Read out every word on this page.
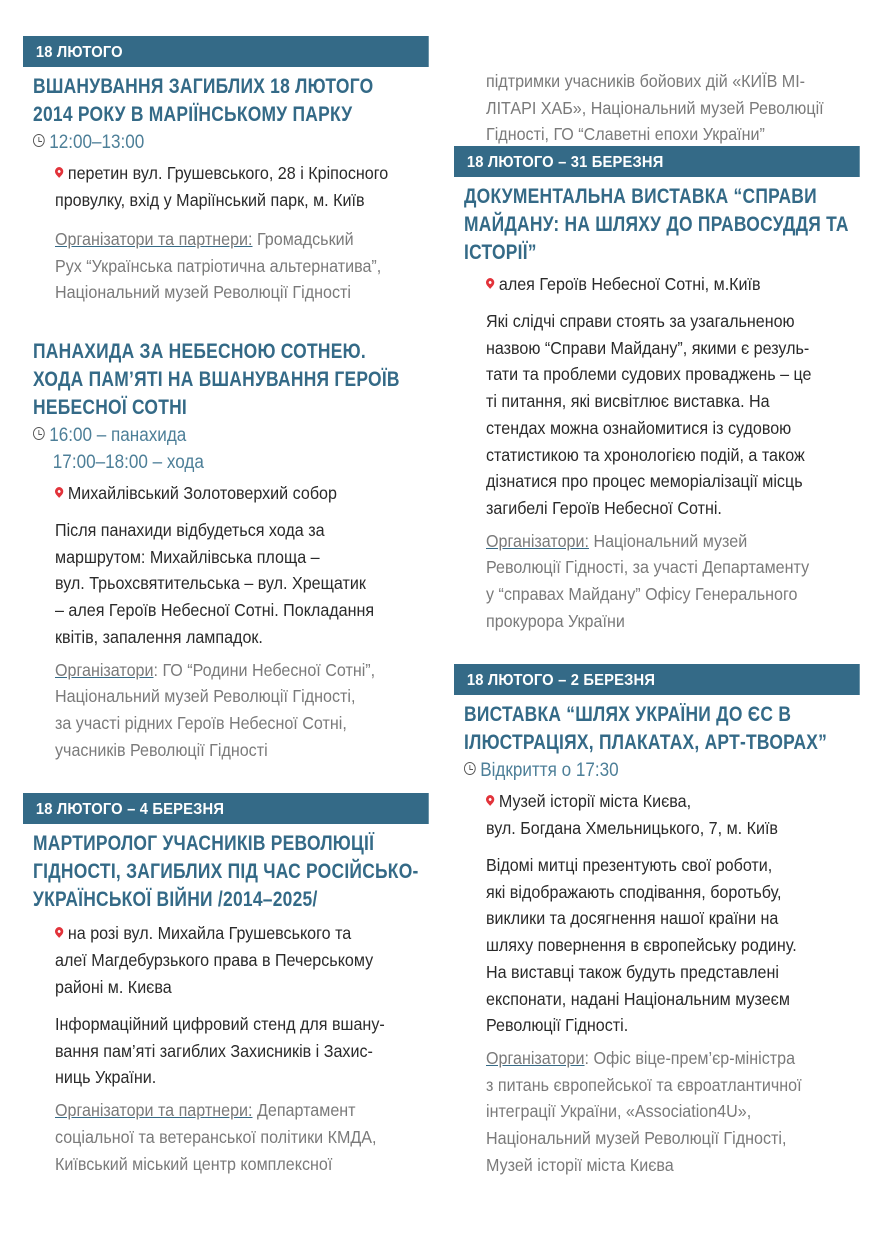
18 ЛЮТОГО
ВШАНУВАННЯ ЗАГИБЛИХ 18 ЛЮТОГО
2014 РОКУ В МАРІЇНСЬКОМУ ПАРКУ
12:00–13:00
перетин вул. Грушевського, 28 і Кріпосного
провулку, вхід у Маріїнський парк, м. Київ
Організатори та партнери: Громадський
Рух “Українська патріотична альтернатива”,
Національний музей Революції Гідності
ПАНАХИДА ЗА НЕБЕСНОЮ СОТНЕЮ.
ХОДА ПАМ’ЯТІ НА ВШАНУВАННЯ ГЕРОЇВ
НЕБЕСНОЇ СОТНІ
16:00 – панахида
17:00–18:00 – хода
Михайлівський Золотоверхий собор
Після панахиди відбудеться хода за
маршрутом: Михайлівська площа –
вул. Трьохсвятительська – вул. Хрещатик
– алея Героїв Небесної Сотні. Покладання
квітів, запалення лампадок.
Організатори: ГО “Родини Небесної Сотні”,
Національний музей Революції Гідності,
за участі рідних Героїв Небесної Сотні,
учасників Революції Гідності
18 ЛЮТОГО – 4 БЕРЕЗНЯ
МАРТИРОЛОГ УЧАСНИКІВ РЕВОЛЮЦІЇ
ГІДНОСТІ, ЗАГИБЛИХ ПІД ЧАС РОСІЙСЬКО-
УКРАЇНСЬКОЇ ВІЙНИ /2014–2025/
на розі вул. Михайла Грушевського та
алеї Магдебурзького права в Печерському
районі м. Києва
Інформаційний цифровий стенд для вшану-
вання пам’яті загиблих Захисників і Захис-
ниць України.
Організатори та партнери: Департамент
соціальної та ветеранської політики КМДА,
Київський міський центр комплексної
підтримки учасників бойових дій «КИЇВ МІ-
ЛІТАРІ ХАБ», Національний музей Революції
Гідності, ГО “Славетні епохи України”
18 ЛЮТОГО – 31 БЕРЕЗНЯ
ДОКУМЕНТАЛЬНА ВИСТАВКА “СПРАВИ
МАЙДАНУ: НА ШЛЯХУ ДО ПРАВОСУДДЯ ТА
ІСТОРІЇ”
алея Героїв Небесної Сотні, м.Київ
Які слідчі справи стоять за узагальненою
назвою “Справи Майдану”, якими є резуль-
тати та проблеми судових проваджень – це
ті питання, які висвітлює виставка. На
стендах можна ознайомитися із судовою
статистикою та хронологією подій, а також
дізнатися про процес меморіалізації місць
загибелі Героїв Небесної Сотні.
Організатори: Національний музей
Революції Гідності, за участі Департаменту
у “справах Майдану” Офісу Генерального
прокурора України
18 ЛЮТОГО – 2 БЕРЕЗНЯ
ВИСТАВКА “ШЛЯХ УКРАЇНИ ДО ЄС В
ІЛЮСТРАЦІЯХ, ПЛАКАТАХ, АРТ-ТВОРАХ”
Відкриття о 17:30
Музей історії міста Києва,
вул. Богдана Хмельницького, 7, м. Київ
Відомі митці презентують свої роботи,
які відображають сподівання, боротьбу,
виклики та досягнення нашої країни на
шляху повернення в європейську родину.
На виставці також будуть представлені
експонати, надані Національним музеєм
Революції Гідності.
Організатори: Офіс віце-прем’єр-міністра
з питань європейської та євроатлантичної
інтеграції України, «Association4U»,
Національний музей Революції Гідності,
Музей історії міста Києва
